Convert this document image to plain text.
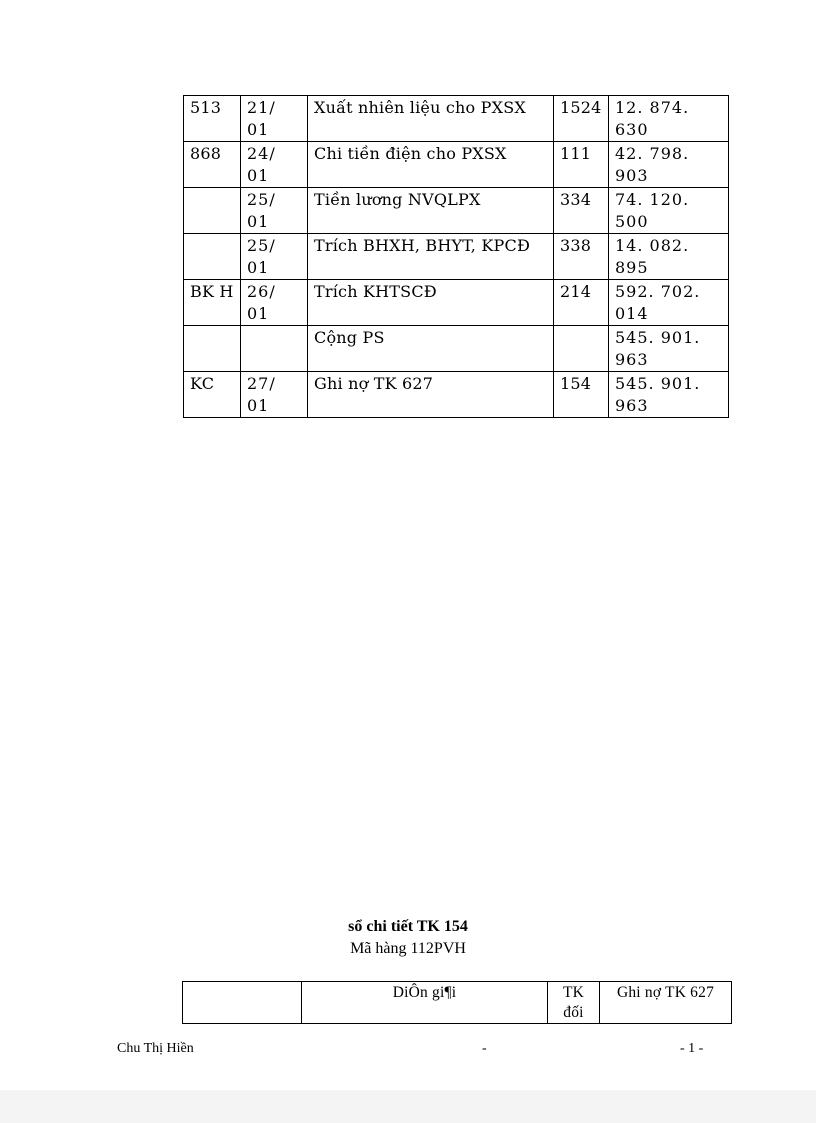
513	21/ 01	Xuất nhiên liệu cho PXSX	1524	12. 874. 630
868	24/ 01	Chi tiền điện cho PXSX	111	42. 798. 903
	25/ 01	Tiền lương NVQLPX	334	74. 120. 500
	25/ 01	Trích BHXH, BHYT, KPCĐ	338	14. 082. 895
BK H	26/ 01	Trích KHTSCĐ	214	592. 702. 014
		Cộng PS		545. 901. 963
KC	27/ 01	Ghi nợ TK 627	154	545. 901. 963
sổ chi tiết TK 154
Mã hàng 112PVH
	DiÔn gi¶i	TK đối	Ghi nợ TK 627
Chu Thị Hiền	-	- 1 -
